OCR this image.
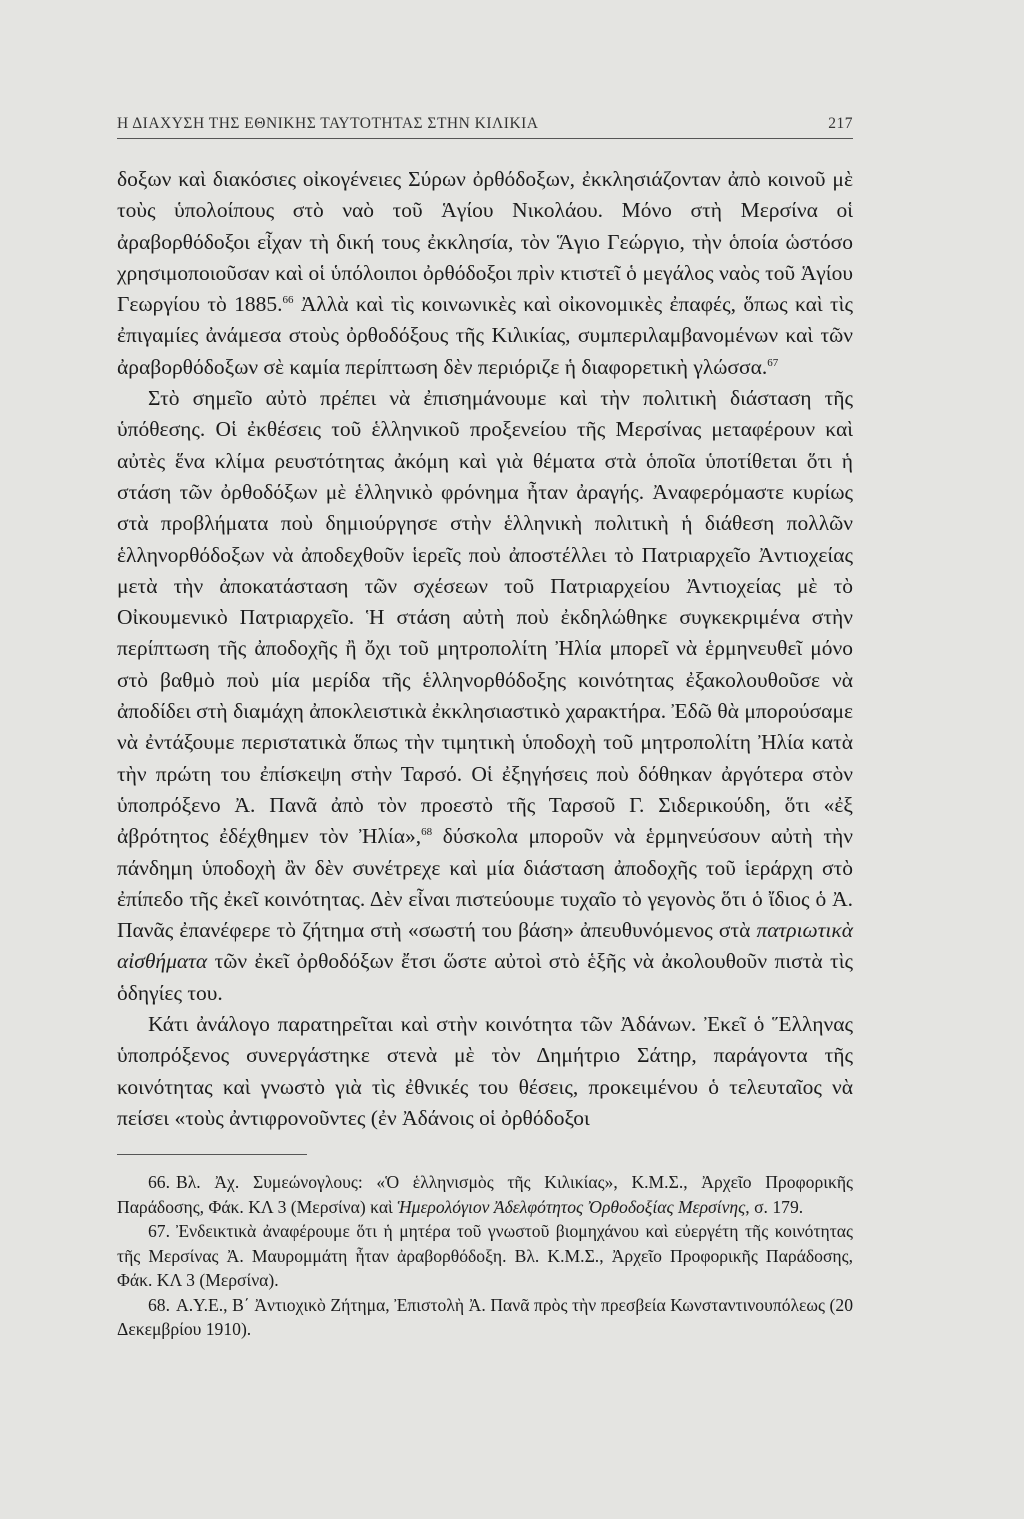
Η ΔΙΑΧΥΣΗ ΤΗΣ ΕΘΝΙΚΗΣ ΤΑΥΤΟΤΗΤΑΣ ΣΤΗΝ ΚΙΛΙΚΙΑ	217

δοξων καὶ διακόσιες οἰκογένειες Σύρων ὀρθόδοξων, ἐκκλησιάζονταν ἀπὸ κοινοῦ μὲ τοὺς ὑπολοίπους στὸ ναὸ τοῦ Ἁγίου Νικολάου. Μόνο στὴ Μερσίνα οἱ ἀραβορθόδοξοι εἶχαν τὴ δική τους ἐκκλησία, τὸν Ἅγιο Γεώργιο, τὴν ὁποία ὡστόσο χρησιμοποιοῦσαν καὶ οἱ ὑπόλοιποι ὀρθόδοξοι πρὶν κτιστεῖ ὁ μεγάλος ναὸς τοῦ Ἁγίου Γεωργίου τὸ 1885.66 Ἀλλὰ καὶ τὶς κοινωνικὲς καὶ οἰκονομικὲς ἐπαφές, ὅπως καὶ τὶς ἐπιγαμίες ἀνάμεσα στοὺς ὀρθοδόξους τῆς Κιλικίας, συμπεριλαμβανομένων καὶ τῶν ἀραβορθόδοξων σὲ καμία περίπτωση δὲν περιόριζε ἡ διαφορετικὴ γλώσσα.$^{67}$

Στὸ σημεῖο αὐτὸ πρέπει νὰ ἐπισημάνουμε καὶ τὴν πολιτικὴ διάσταση τῆς ὑπόθεσης. Οἱ ἐκθέσεις τοῦ ἑλληνικοῦ προξενείου τῆς Μερσίνας μεταφέρουν καὶ αὐτὲς ἕνα κλίμα ρευστότητας ἀκόμη καὶ γιὰ θέματα στὰ ὁποῖα ὑποτίθεται ὅτι ἡ στάση τῶν ὀρθοδόξων μὲ ἑλληνικὸ φρόνημα ἦταν ἀραγής. Ἀναφερόμαστε κυρίως στὰ προβλήματα ποὺ δημιούργησε στὴν ἑλληνικὴ πολιτικὴ ἡ διάθεση πολλῶν ἑλληνορθόδοξων νὰ ἀποδεχθοῦν ἱερεῖς ποὺ ἀποστέλλει τὸ Πατριαρχεῖο Ἀντιοχείας μετὰ τὴν ἀποκατάσταση τῶν σχέσεων τοῦ Πατριαρχείου Ἀντιοχείας μὲ τὸ Οἰκουμενικὸ Πατριαρχεῖο. Ἡ στάση αὐτὴ ποὺ ἐκδηλώθηκε συγκεκριμένα στὴν περίπτωση τῆς ἀποδοχῆς ἢ ὄχι τοῦ μητροπολίτη Ἠλία μπορεῖ νὰ ἑρμηνευθεῖ μόνο στὸ βαθμὸ ποὺ μία μερίδα τῆς ἑλληνορθόδοξης κοινότητας ἐξακολουθοῦσε νὰ ἀποδίδει στὴ διαμάχη ἀποκλειστικὰ ἐκκλησιαστικὸ χαρακτήρα. Ἐδῶ θὰ μπορούσαμε νὰ ἐντάξουμε περιστατικὰ ὅπως τὴν τιμητικὴ ὑποδοχὴ τοῦ μητροπολίτη Ἠλία κατὰ τὴν πρώτη του ἐπίσκεψη στὴν Ταρσό. Οἱ ἐξηγήσεις ποὺ δόθηκαν ἀργότερα στὸν ὑποπρόξενο Ἀ. Πανᾶ ἀπὸ τὸν προεστὸ τῆς Ταρσοῦ Γ. Σιδερικούδη, ὅτι «ἐξ ἀβρότητος ἐδέχθημεν τὸν Ἠλία»,$^{68}$ δύσκολα μποροῦν νὰ ἑρμηνεύσουν αὐτὴ τὴν πάνδημη ὑποδοχὴ ἂν δὲν συνέτρεχε καὶ μία διάσταση ἀποδοχῆς τοῦ ἱεράρχη στὸ ἐπίπεδο τῆς ἐκεῖ κοινότητας. Δὲν εἶναι πιστεύουμε τυχαῖο τὸ γεγονὸς ὅτι ὁ ἴδιος ὁ Ἀ. Πανᾶς ἐπανέφερε τὸ ζήτημα στὴ «σωστή του βάση» ἀπευθυνόμενος στὰ πατριωτικὰ αἰσθήματα τῶν ἐκεῖ ὀρθοδόξων ἔτσι ὥστε αὐτοὶ στὸ ἑξῆς νὰ ἀκολουθοῦν πιστὰ τὶς ὁδηγίες του.

Κάτι ἀνάλογο παρατηρεῖται καὶ στὴν κοινότητα τῶν Ἀδάνων. Ἐκεῖ ὁ Ἕλληνας ὑποπρόξενος συνεργάστηκε στενὰ μὲ τὸν Δημήτριο Σάτηρ, παράγοντα τῆς κοινότητας καὶ γνωστὸ γιὰ τὶς ἐθνικές του θέσεις, προκειμένου ὁ τελευταῖος νὰ πείσει «τοὺς ἀντιφρονοῦντες (ἐν Ἀδάνοις οἱ ὀρθόδοξοι

66. Βλ. Ἀχ. Συμεώνογλους: «Ὁ ἑλληνισμὸς τῆς Κιλικίας», Κ.Μ.Σ., Ἀρχεῖο Προφορικῆς Παράδοσης, Φάκ. ΚΛ 3 (Μερσίνα) καὶ Ἡμερολόγιον Ἀδελφότητος Ὀρθοδοξίας Μερσίνης, σ. 179.

67. Ἐνδεικτικὰ ἀναφέρουμε ὅτι ἡ μητέρα τοῦ γνωστοῦ βιομηχάνου καὶ εὐεργέτη τῆς κοινότητας τῆς Μερσίνας Ἀ. Μαυρομμάτη ἦταν ἀραβορθόδοξη. Βλ. Κ.Μ.Σ., Ἀρχεῖο Προφορικῆς Παράδοσης, Φάκ. ΚΛ 3 (Μερσίνα).

68. Α.Υ.Ε., Β΄ Ἀντιοχικὸ Ζήτημα, Ἐπιστολὴ Ἀ. Πανᾶ πρὸς τὴν πρεσβεία Κωνσταντινουπόλεως (20 Δεκεμβρίου 1910).
